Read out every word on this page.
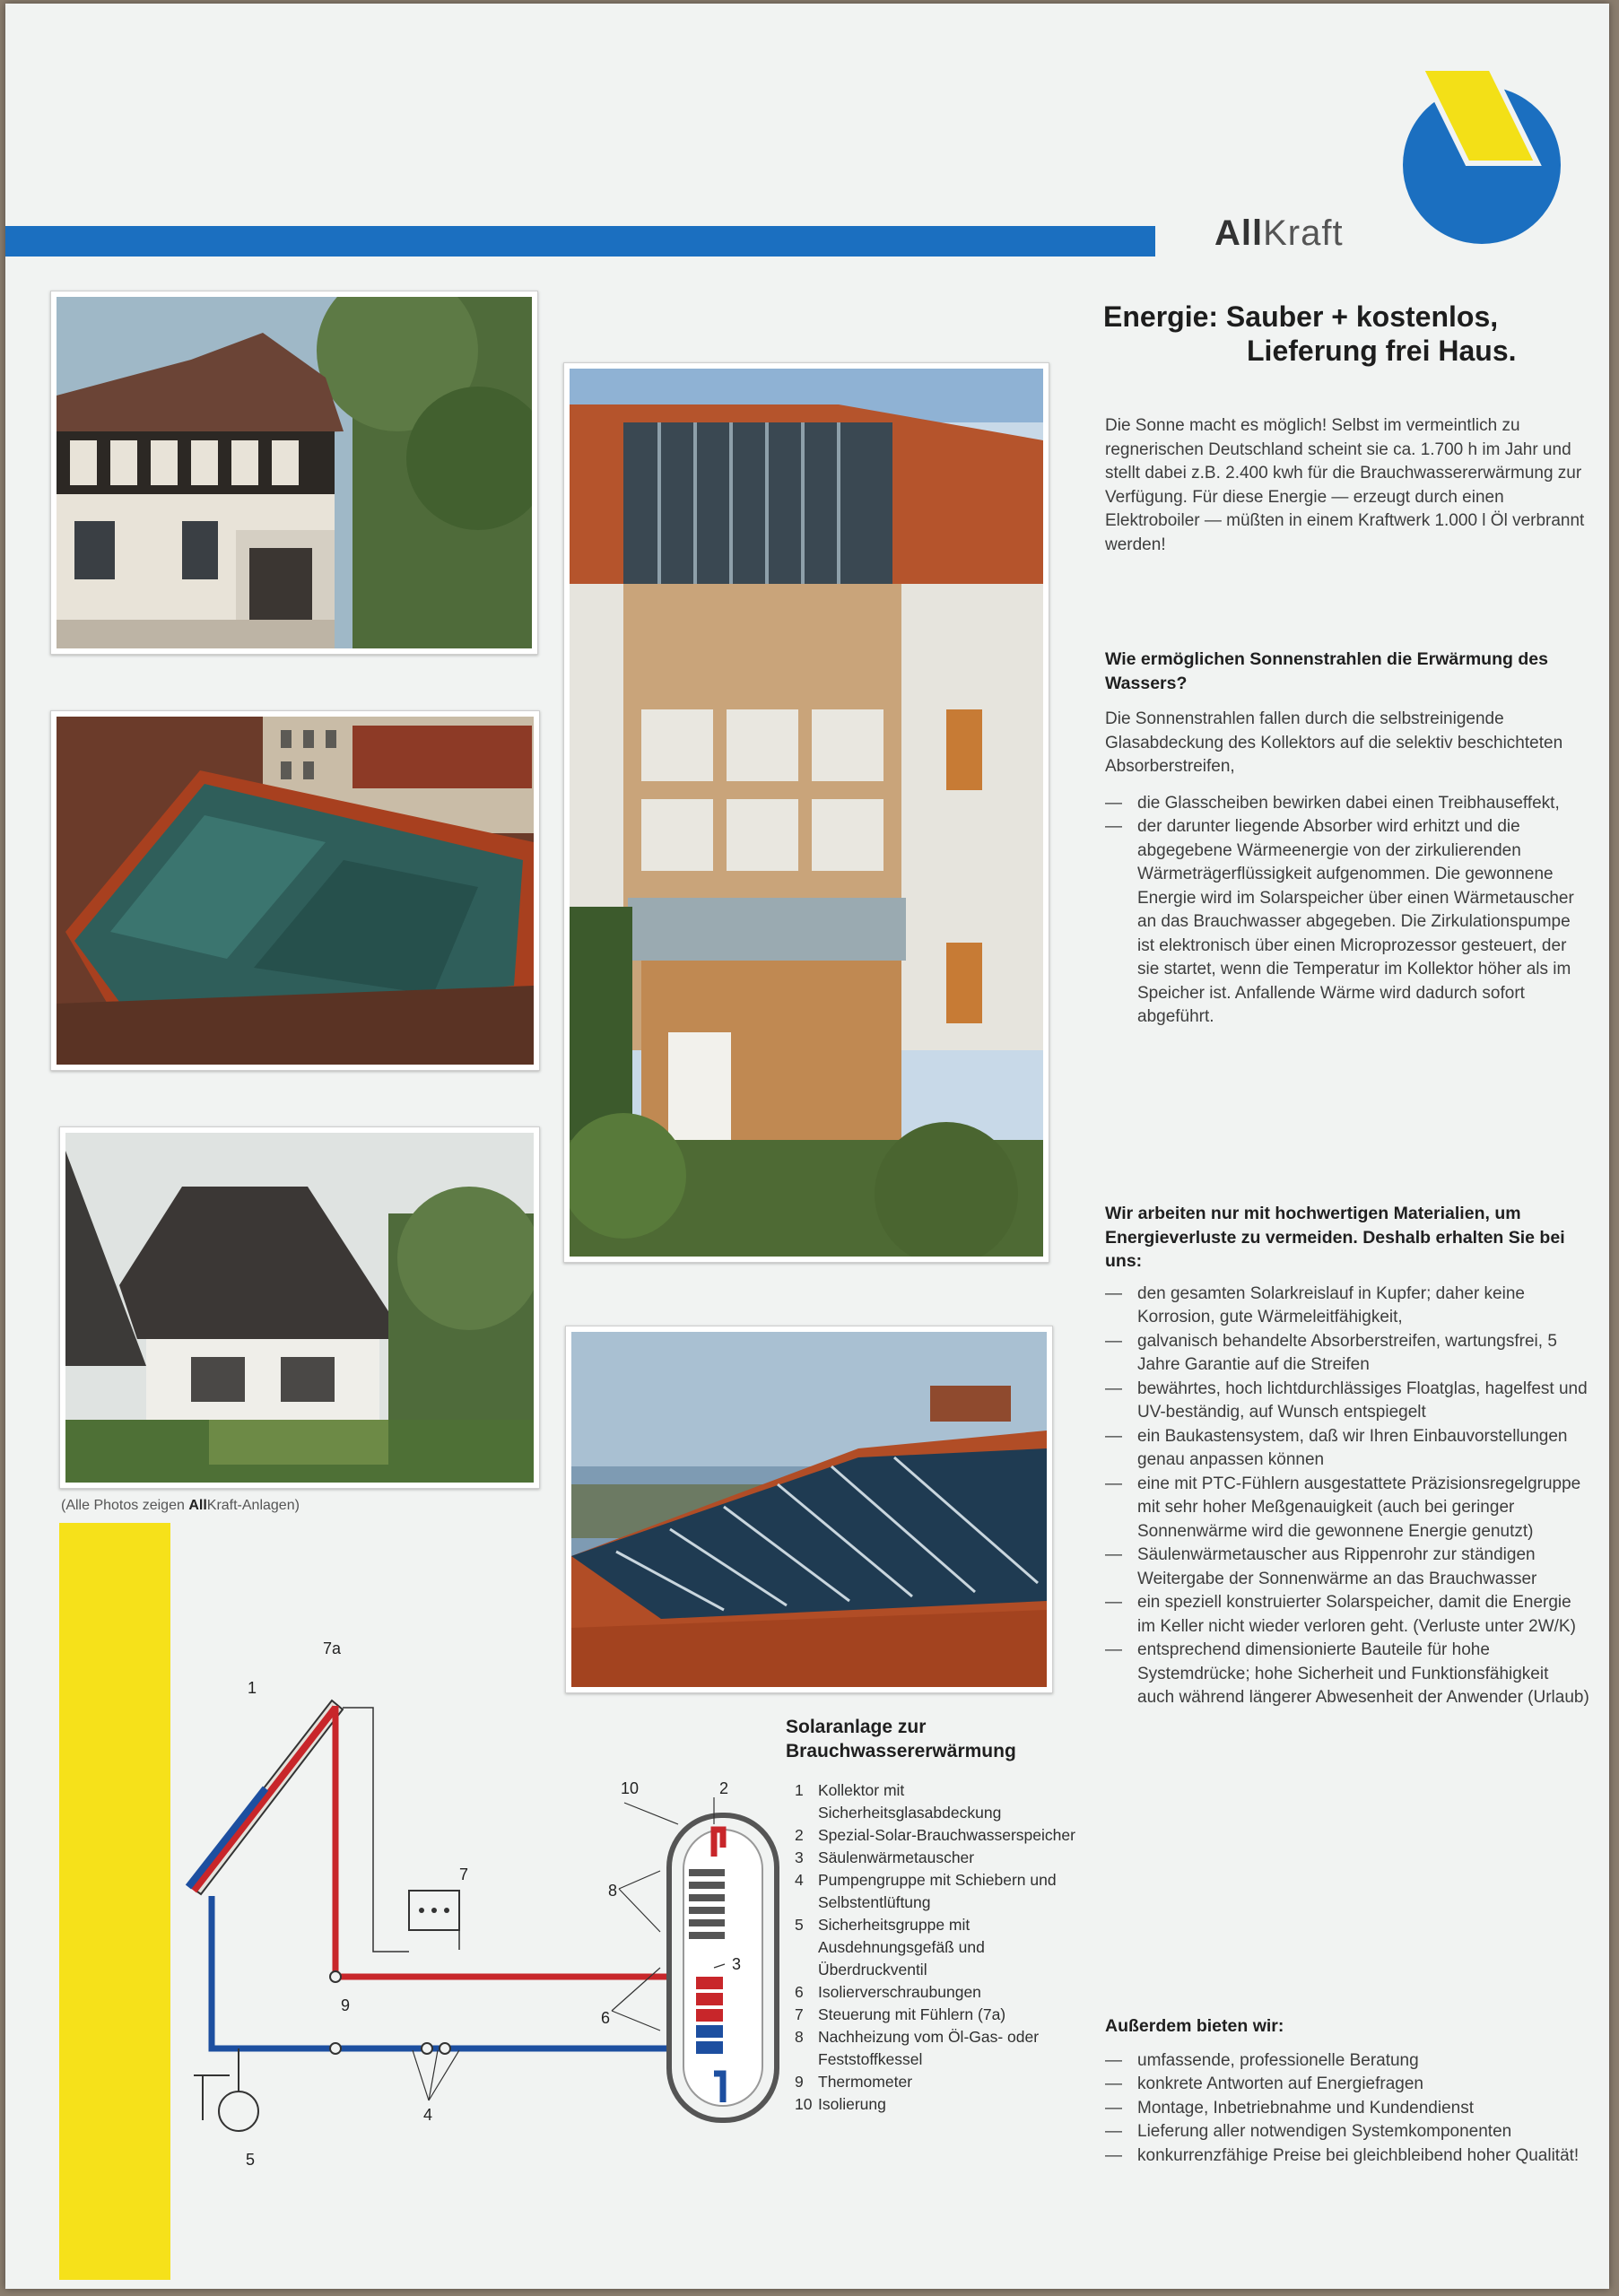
AllKraft
(Alle Photos zeigen AllKraft-Anlagen)
1
2
3
4
5
6
7
7a
8
9
10
Solaranlage zur Brauchwassererwärmung
1 Kollektor mit Sicherheitsglasabdeckung
2 Spezial-Solar-Brauchwasserspeicher
3 Säulenwärmetauscher
4 Pumpengruppe mit Schiebern und Selbstentlüftung
5 Sicherheitsgruppe mit Ausdehnungsgefäß und Überdruckventil
6 Isolierverschraubungen
7 Steuerung mit Fühlern (7a)
8 Nachheizung vom Öl-Gas- oder Feststoffkessel
9 Thermometer
10 Isolierung
Energie: Sauber + kostenlos,
Lieferung frei Haus.

Die Sonne macht es möglich! Selbst im vermeintlich zu regnerischen Deutschland scheint sie ca. 1.700 h im Jahr und stellt dabei z.B. 2.400 kwh für die Brauchwassererwärmung zur Verfügung. Für diese Energie — erzeugt durch einen Elektroboiler — müßten in einem Kraftwerk 1.000 l Öl verbrannt werden!

Wie ermöglichen Sonnenstrahlen die Erwärmung des Wassers?

Die Sonnenstrahlen fallen durch die selbstreinigende Glasabdeckung des Kollektors auf die selektiv beschichteten Absorberstreifen,

— die Glasscheiben bewirken dabei einen Treibhauseffekt,
— der darunter liegende Absorber wird erhitzt und die abgegebene Wärmeenergie von der zirkulierenden Wärmeträgerflüssigkeit aufgenommen. Die gewonnene Energie wird im Solarspeicher über einen Wärmetauscher an das Brauchwasser abgegeben. Die Zirkulationspumpe ist elektronisch über einen Microprozessor gesteuert, der sie startet, wenn die Temperatur im Kollektor höher als im Speicher ist. Anfallende Wärme wird dadurch sofort abgeführt.

Wir arbeiten nur mit hochwertigen Materialien, um Energieverluste zu vermeiden. Deshalb erhalten Sie bei uns:

— den gesamten Solarkreislauf in Kupfer; daher keine Korrosion, gute Wärmeleitfähigkeit,
— galvanisch behandelte Absorberstreifen, wartungsfrei, 5 Jahre Garantie auf die Streifen
— bewährtes, hoch lichtdurchlässiges Floatglas, hagelfest und UV-beständig, auf Wunsch entspiegelt
— ein Baukastensystem, daß wir Ihren Einbauvorstellungen genau anpassen können
— eine mit PTC-Fühlern ausgestattete Präzisionsregelgruppe mit sehr hoher Meßgenauigkeit (auch bei geringer Sonnenwärme wird die gewonnene Energie genutzt)
— Säulenwärmetauscher aus Rippenrohr zur ständigen Weitergabe der Sonnenwärme an das Brauchwasser
— ein speziell konstruierter Solarspeicher, damit die Energie im Keller nicht wieder verloren geht. (Verluste unter 2W/K)
— entsprechend dimensionierte Bauteile für hohe Systemdrücke; hohe Sicherheit und Funktionsfähigkeit auch während längerer Abwesenheit der Anwender (Urlaub)

Außerdem bieten wir:

— umfassende, professionelle Beratung
— konkrete Antworten auf Energiefragen
— Montage, Inbetriebnahme und Kundendienst
— Lieferung aller notwendigen Systemkomponenten
— konkurrenzfähige Preise bei gleichbleibend hoher Qualität!
